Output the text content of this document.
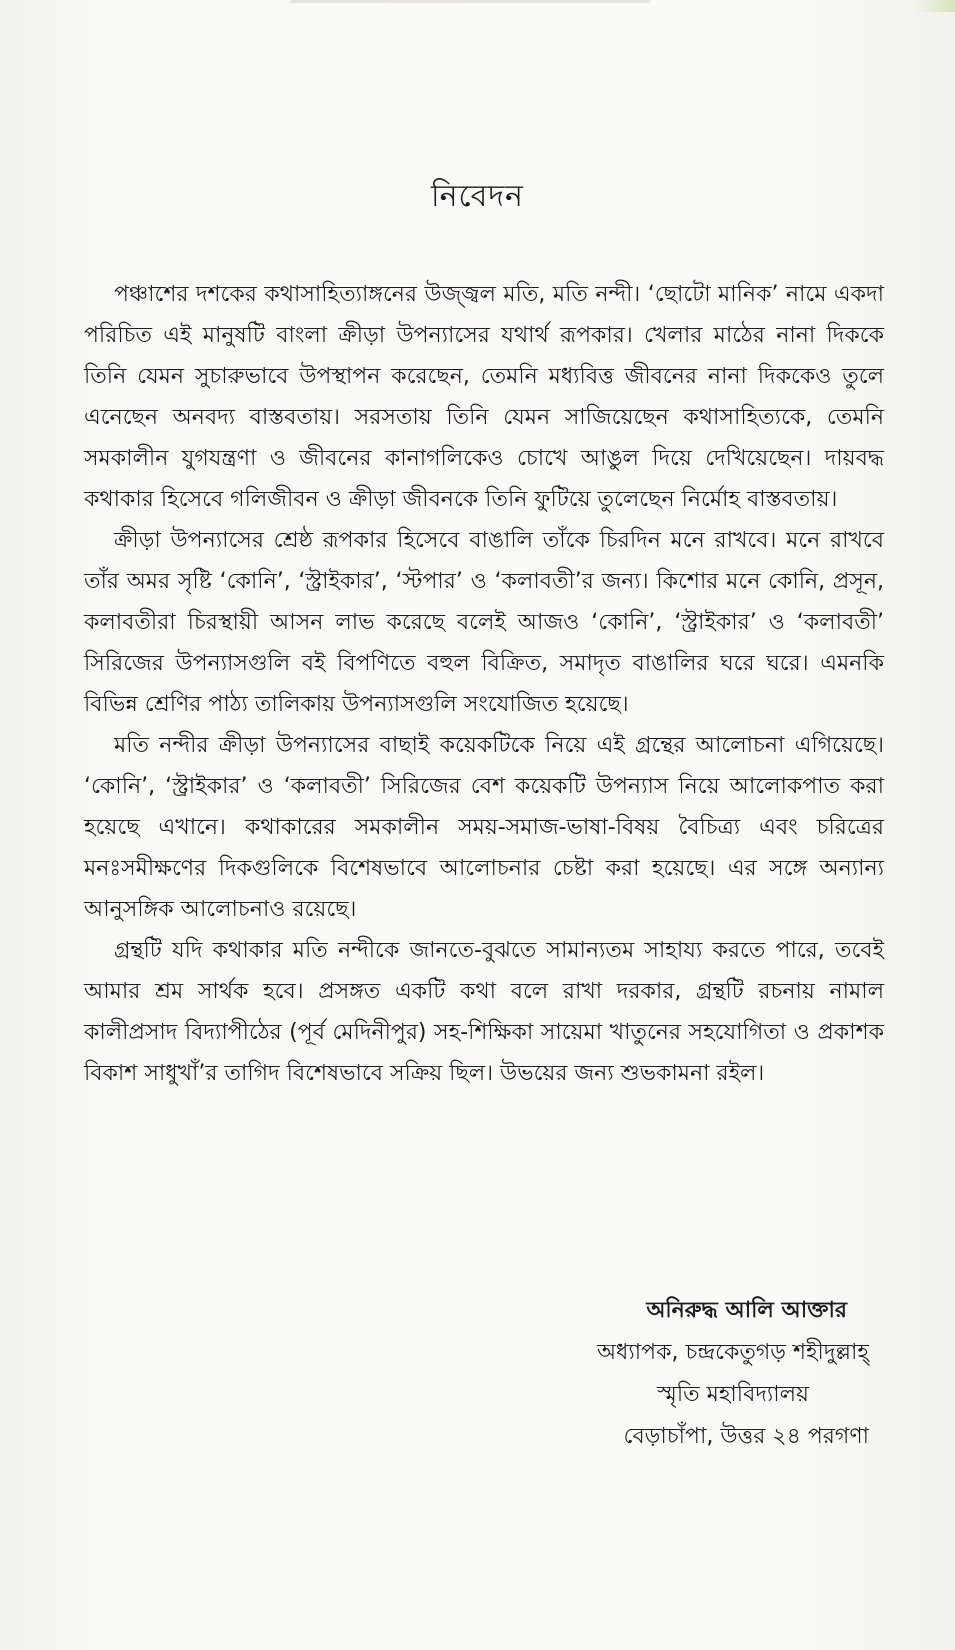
নিবেদন

পঞ্চাশের দশকের কথাসাহিত্যাঙ্গনের উজ্জ্বল মতি, মতি নন্দী। ‘ছোটো মানিক’ নামে একদা পরিচিত এই মানুষটি বাংলা ক্রীড়া উপন্যাসের যথার্থ রূপকার। খেলার মাঠের নানা দিককে তিনি যেমন সুচারুভাবে উপস্থাপন করেছেন, তেমনি মধ্যবিত্ত জীবনের নানা দিককেও তুলে এনেছেন অনবদ্য বাস্তবতায়। সরসতায় তিনি যেমন সাজিয়েছেন কথাসাহিত্যকে, তেমনি সমকালীন যুগযন্ত্রণা ও জীবনের কানাগলিকেও চোখে আঙুল দিয়ে দেখিয়েছেন। দায়বদ্ধ কথাকার হিসেবে গলিজীবন ও ক্রীড়া জীবনকে তিনি ফুটিয়ে তুলেছেন নির্মোহ বাস্তবতায়।

ক্রীড়া উপন্যাসের শ্রেষ্ঠ রূপকার হিসেবে বাঙালি তাঁকে চিরদিন মনে রাখবে। মনে রাখবে তাঁর অমর সৃষ্টি ‘কোনি’, ‘স্ট্রাইকার’, ‘স্টপার’ ও ‘কলাবতী’র জন্য। কিশোর মনে কোনি, প্রসূন, কলাবতীরা চিরস্থায়ী আসন লাভ করেছে বলেই আজও ‘কোনি’, ‘স্ট্রাইকার’ ও ‘কলাবতী’ সিরিজের উপন্যাসগুলি বই বিপণিতে বহুল বিক্রিত, সমাদৃত বাঙালির ঘরে ঘরে। এমনকি বিভিন্ন শ্রেণির পাঠ্য তালিকায় উপন্যাসগুলি সংযোজিত হয়েছে।

মতি নন্দীর ক্রীড়া উপন্যাসের বাছাই কয়েকটিকে নিয়ে এই গ্রন্থের আলোচনা এগিয়েছে। ‘কোনি’, ‘স্ট্রাইকার’ ও ‘কলাবতী’ সিরিজের বেশ কয়েকটি উপন্যাস নিয়ে আলোকপাত করা হয়েছে এখানে। কথাকারের সমকালীন সময়-সমাজ-ভাষা-বিষয় বৈচিত্র্য এবং চরিত্রের মনঃসমীক্ষণের দিকগুলিকে বিশেষভাবে আলোচনার চেষ্টা করা হয়েছে। এর সঙ্গে অন্যান্য আনুসঙ্গিক আলোচনাও রয়েছে।

গ্রন্থটি যদি কথাকার মতি নন্দীকে জানতে-বুঝতে সামান্যতম সাহায্য করতে পারে, তবেই আমার শ্রম সার্থক হবে। প্রসঙ্গত একটি কথা বলে রাখা দরকার, গ্রন্থটি রচনায় নামাল কালীপ্রসাদ বিদ্যাপীঠের (পূর্ব মেদিনীপুর) সহ-শিক্ষিকা সায়েমা খাতুনের সহযোগিতা ও প্রকাশক বিকাশ সাধুখাঁ’র তাগিদ বিশেষভাবে সক্রিয় ছিল। উভয়ের জন্য শুভকামনা রইল।

অনিরুদ্ধ আলি আক্তার
অধ্যাপক, চন্দ্রকেতুগড় শহীদুল্লাহ্
স্মৃতি মহাবিদ্যালয়
বেড়াচাঁপা, উত্তর ২৪ পরগণা
